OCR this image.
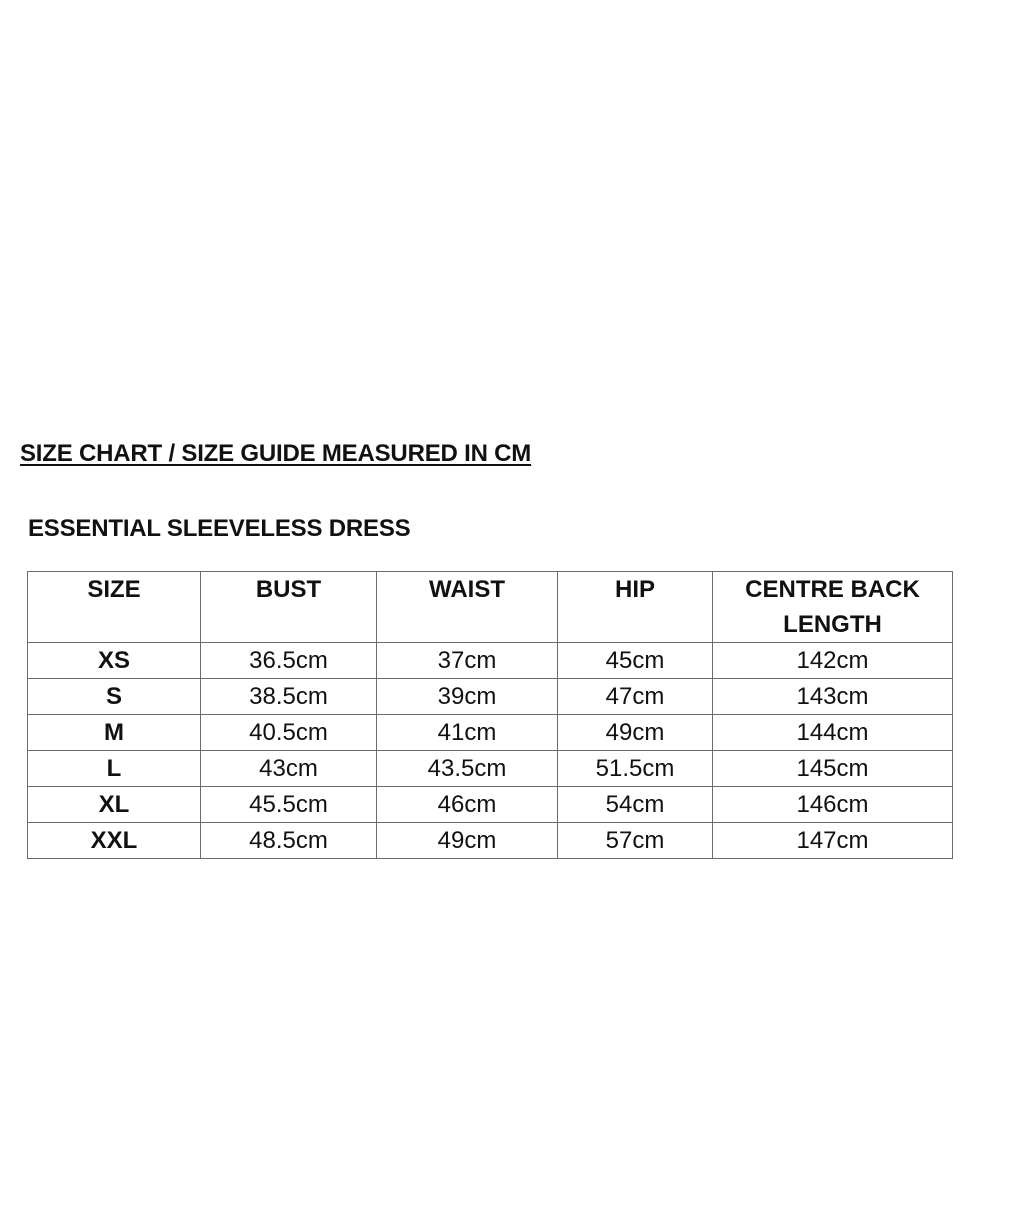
SIZE CHART / SIZE GUIDE MEASURED IN CM
ESSENTIAL SLEEVELESS DRESS
SIZE	BUST	WAIST	HIP	CENTRE BACK LENGTH
XS	36.5cm	37cm	45cm	142cm
S	38.5cm	39cm	47cm	143cm
M	40.5cm	41cm	49cm	144cm
L	43cm	43.5cm	51.5cm	145cm
XL	45.5cm	46cm	54cm	146cm
XXL	48.5cm	49cm	57cm	147cm
